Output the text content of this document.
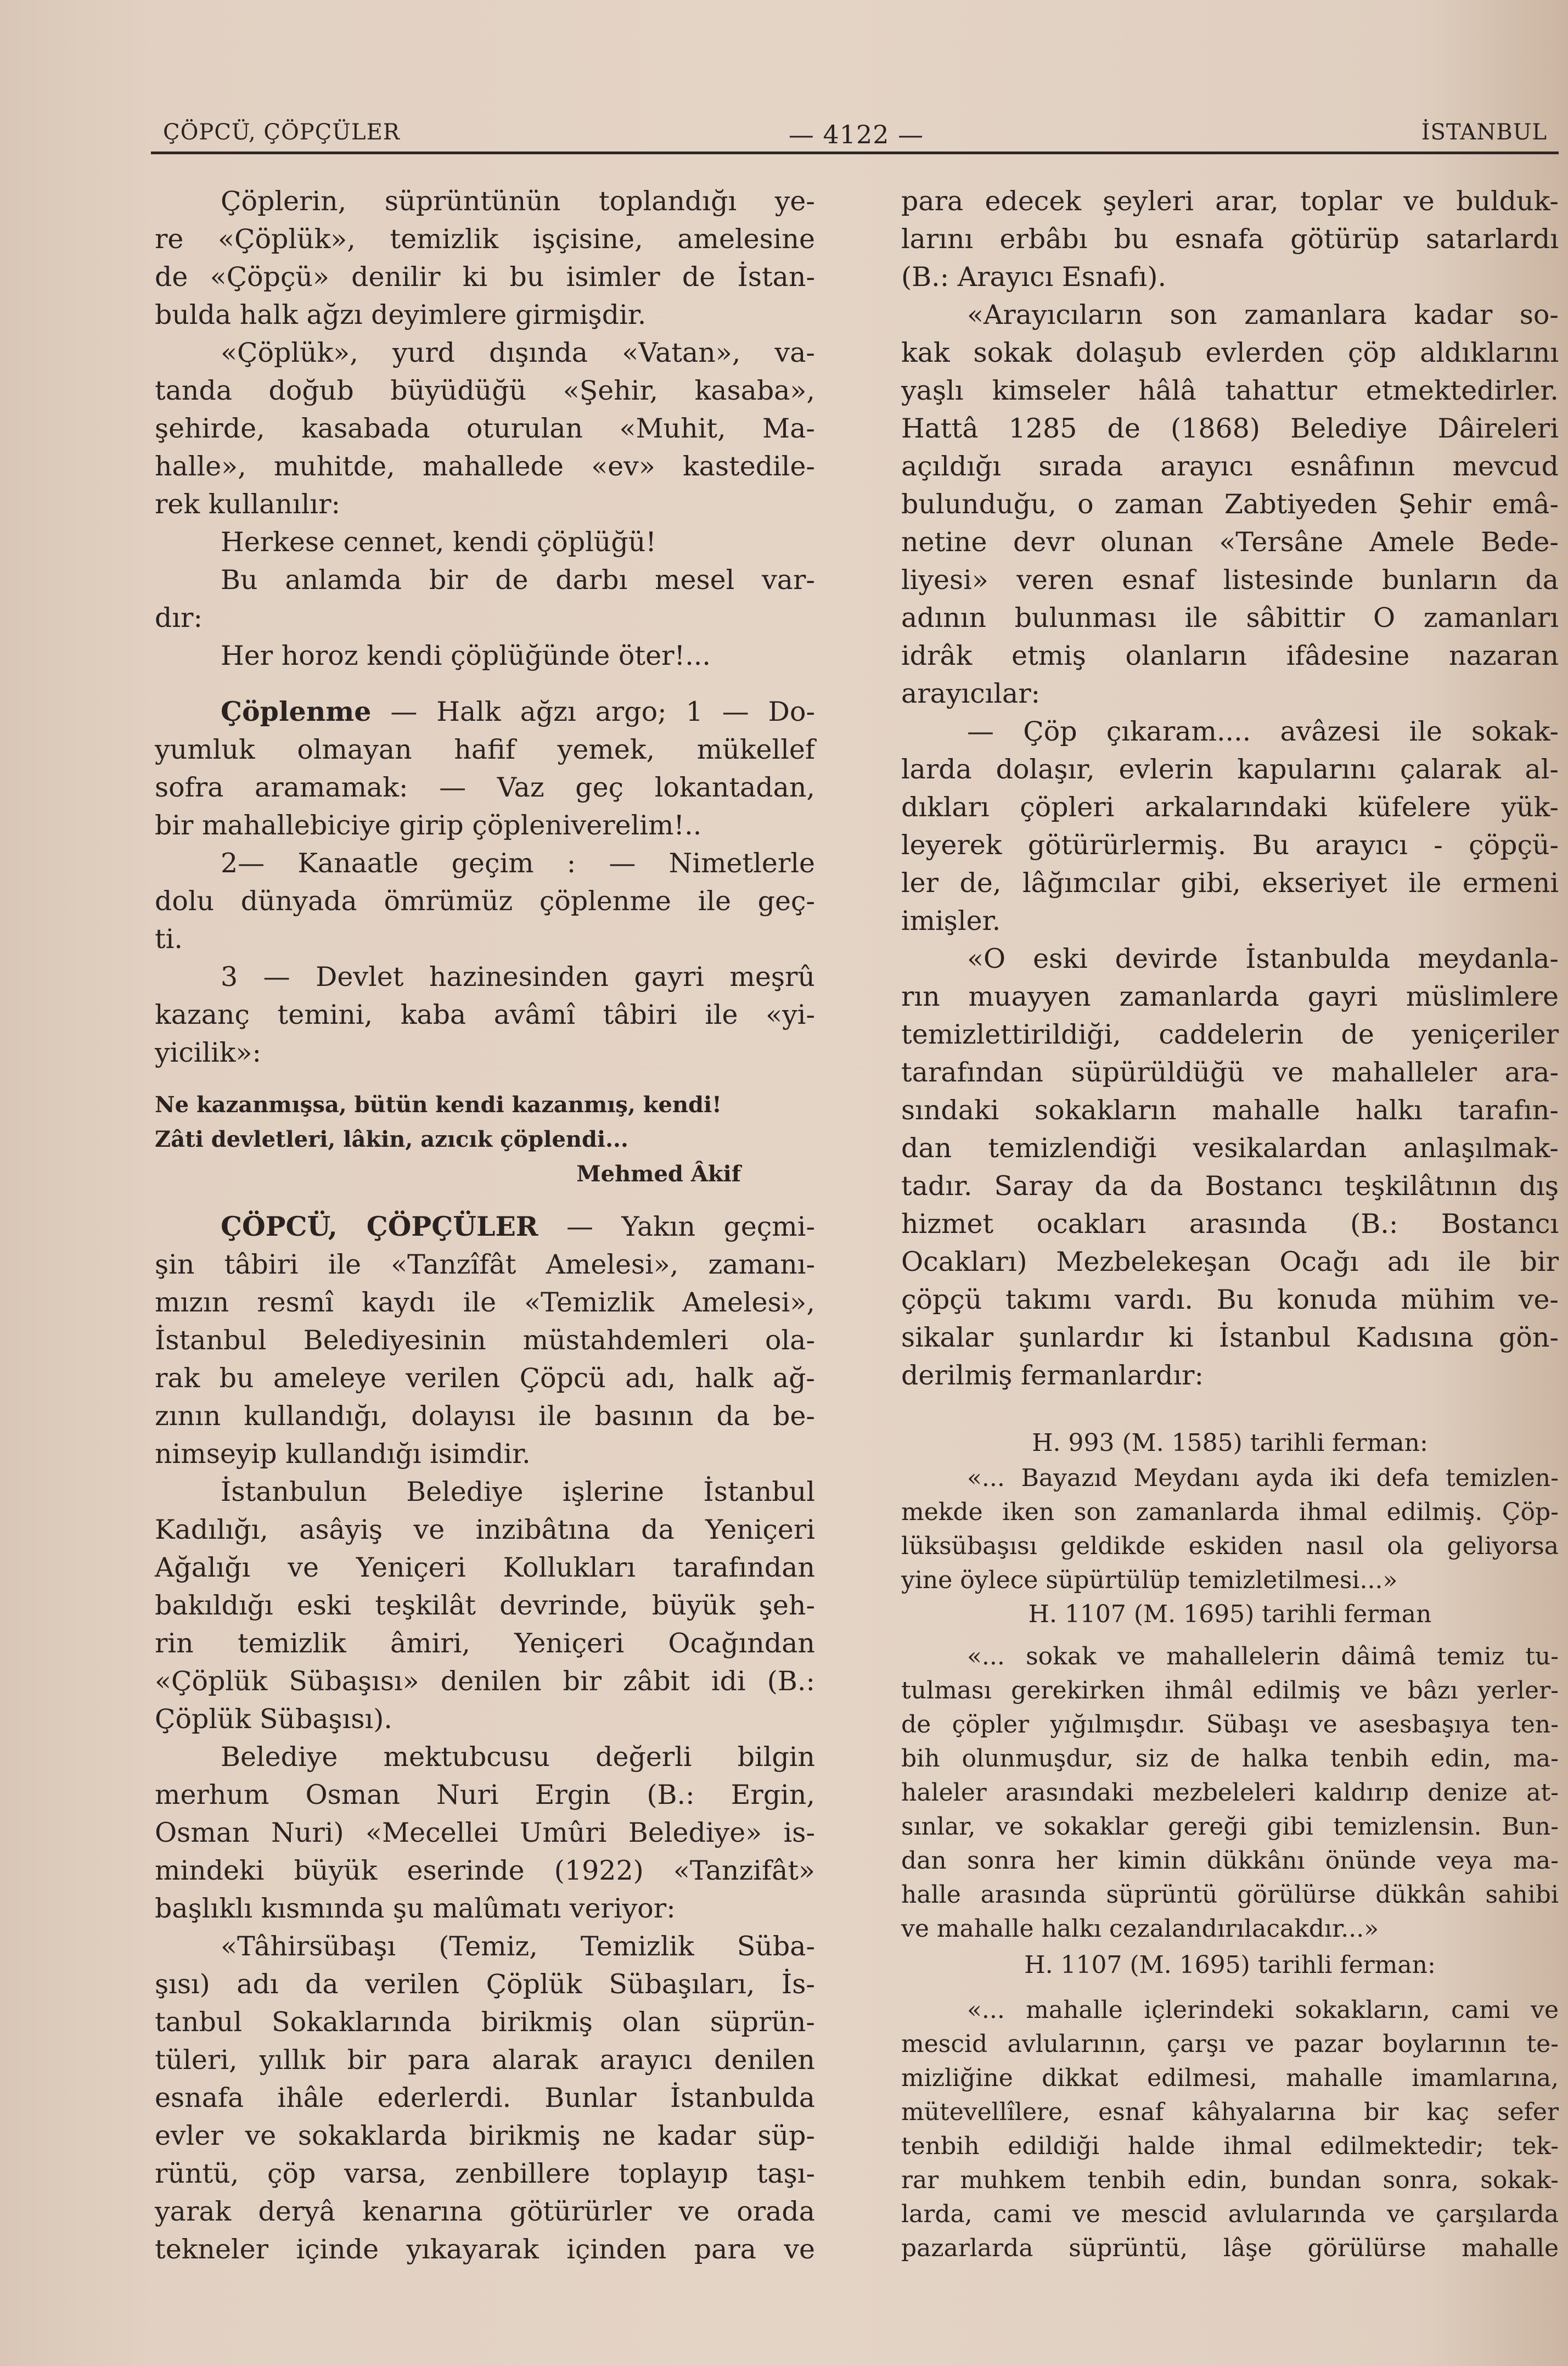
ÇÖPCÜ, ÇÖPÇÜLER	— 4122 —	İSTANBUL
Çöplerin, süprüntünün toplandığı ye-
re «Çöplük», temizlik işçisine, amelesine
de «Çöpçü» denilir ki bu isimler de İstan-
bulda halk ağzı deyimlere girmişdir.
«Çöplük», yurd dışında «Vatan», va-
tanda doğub büyüdüğü «Şehir, kasaba»,
şehirde, kasabada oturulan «Muhit, Ma-
halle», muhitde, mahallede «ev» kastedile-
rek kullanılır:
Herkese cennet, kendi çöplüğü!
Bu anlamda bir de darbı mesel var-
dır:
Her horoz kendi çöplüğünde öter!...
Çöplenme — Halk ağzı argo; 1 — Do-
yumluk olmayan hafif yemek, mükellef
sofra aramamak: — Vaz geç lokantadan,
bir mahallebiciye girip çöpleniverelim!..
2— Kanaatle geçim : — Nimetlerle
dolu dünyada ömrümüz çöplenme ile geç-
ti.
3 — Devlet hazinesinden gayri meşrû
kazanç temini, kaba avâmî tâbiri ile «yi-
yicilik»:
Ne kazanmışsa, bütün kendi kazanmış, kendi!
Zâti devletleri, lâkin, azıcık çöplendi...
Mehmed Âkif
ÇÖPCÜ, ÇÖPÇÜLER — Yakın geçmi-
şin tâbiri ile «Tanzîfât Amelesi», zamanı-
mızın resmî kaydı ile «Temizlik Amelesi»,
İstanbul Belediyesinin müstahdemleri ola-
rak bu ameleye verilen Çöpcü adı, halk ağ-
zının kullandığı, dolayısı ile basının da be-
nimseyip kullandığı isimdir.
İstanbulun Belediye işlerine İstanbul
Kadılığı, asâyiş ve inzibâtına da Yeniçeri
Ağalığı ve Yeniçeri Kollukları tarafından
bakıldığı eski teşkilât devrinde, büyük şeh-
rin temizlik âmiri, Yeniçeri Ocağından
«Çöplük Sübaşısı» denilen bir zâbit idi (B.:
Çöplük Sübaşısı).
Belediye mektubcusu değerli bilgin
merhum Osman Nuri Ergin (B.: Ergin,
Osman Nuri) «Mecellei Umûri Belediye» is-
mindeki büyük eserinde (1922) «Tanzifât»
başlıklı kısmında şu malûmatı veriyor:
«Tâhirsübaşı (Temiz, Temizlik Süba-
şısı) adı da verilen Çöplük Sübaşıları, İs-
tanbul Sokaklarında birikmiş olan süprün-
tüleri, yıllık bir para alarak arayıcı denilen
esnafa ihâle ederlerdi. Bunlar İstanbulda
evler ve sokaklarda birikmiş ne kadar süp-
rüntü, çöp varsa, zenbillere toplayıp taşı-
yarak deryâ kenarına götürürler ve orada
tekneler içinde yıkayarak içinden para ve
para edecek şeyleri arar, toplar ve bulduk-
larını erbâbı bu esnafa götürüp satarlardı
(B.: Arayıcı Esnafı).
«Arayıcıların son zamanlara kadar so-
kak sokak dolaşub evlerden çöp aldıklarını
yaşlı kimseler hâlâ tahattur etmektedirler.
Hattâ 1285 de (1868) Belediye Dâireleri
açıldığı sırada arayıcı esnâfının mevcud
bulunduğu, o zaman Zabtiyeden Şehir emâ-
netine devr olunan «Tersâne Amele Bede-
liyesi» veren esnaf listesinde bunların da
adının bulunması ile sâbittir O zamanları
idrâk etmiş olanların ifâdesine nazaran
arayıcılar:
— Çöp çıkaram.... avâzesi ile sokak-
larda dolaşır, evlerin kapularını çalarak al-
dıkları çöpleri arkalarındaki küfelere yük-
leyerek götürürlermiş. Bu arayıcı - çöpçü-
ler de, lâğımcılar gibi, ekseriyet ile ermeni
imişler.
«O eski devirde İstanbulda meydanla-
rın muayyen zamanlarda gayri müslimlere
temizlettirildiği, caddelerin de yeniçeriler
tarafından süpürüldüğü ve mahalleler ara-
sındaki sokakların mahalle halkı tarafın-
dan temizlendiği vesikalardan anlaşılmak-
tadır. Saray da da Bostancı teşkilâtının dış
hizmet ocakları arasında (B.: Bostancı
Ocakları) Mezbelekeşan Ocağı adı ile bir
çöpçü takımı vardı. Bu konuda mühim ve-
sikalar şunlardır ki İstanbul Kadısına gön-
derilmiş fermanlardır:
H. 993 (M. 1585) tarihli ferman:
«... Bayazıd Meydanı ayda iki defa temizlen-
mekde iken son zamanlarda ihmal edilmiş. Çöp-
lüksübaşısı geldikde eskiden nasıl ola geliyorsa
yine öylece süpürtülüp temizletilmesi...»
H. 1107 (M. 1695) tarihli ferman
«... sokak ve mahallelerin dâimâ temiz tu-
tulması gerekirken ihmâl edilmiş ve bâzı yerler-
de çöpler yığılmışdır. Sübaşı ve asesbaşıya ten-
bih olunmuşdur, siz de halka tenbih edin, ma-
haleler arasındaki mezbeleleri kaldırıp denize at-
sınlar, ve sokaklar gereği gibi temizlensin. Bun-
dan sonra her kimin dükkânı önünde veya ma-
halle arasında süprüntü görülürse dükkân sahibi
ve mahalle halkı cezalandırılacakdır...»
H. 1107 (M. 1695) tarihli ferman:
«... mahalle içlerindeki sokakların, cami ve
mescid avlularının, çarşı ve pazar boylarının te-
mizliğine dikkat edilmesi, mahalle imamlarına,
mütevellîlere, esnaf kâhyalarına bir kaç sefer
tenbih edildiği halde ihmal edilmektedir; tek-
rar muhkem tenbih edin, bundan sonra, sokak-
larda, cami ve mescid avlularında ve çarşılarda
pazarlarda süprüntü, lâşe görülürse mahalle
